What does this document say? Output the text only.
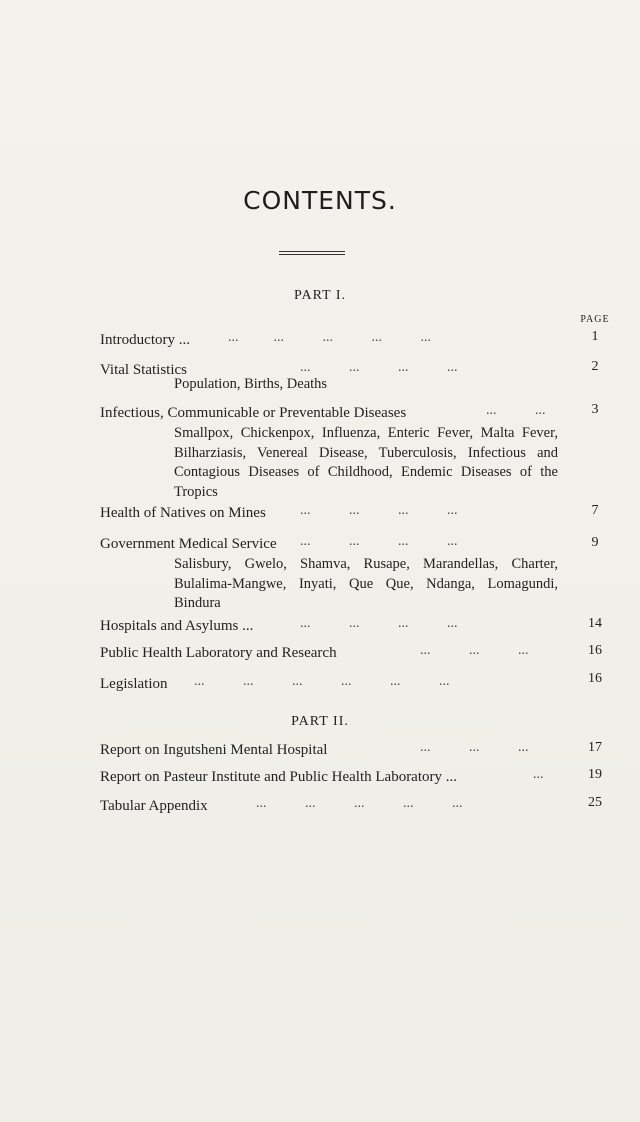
CONTENTS.
PART I.
PAGE
Introductory ...	...	...	...	...	...	1
Vital Statistics	...	...	...	...	2
Population, Births, Deaths
Infectious, Communicable or Preventable Diseases	...	...	3
Smallpox, Chickenpox, Influenza, Enteric Fever, Malta Fever,
Bilharziasis, Venereal Disease, Tuberculosis, Infectious and
Contagious Diseases of Childhood, Endemic Diseases of the
Tropics
Health of Natives on Mines ...	...	...	...	7
Government Medical Service ...	...	...	...	9
Salisbury, Gwelo, Shamva, Rusape, Marandellas, Charter,
Bulalima-Mangwe, Inyati, Que Que, Ndanga, Lomagundi,
Bindura
Hospitals and Asylums ...	...	...	...	...	14
Public Health Laboratory and Research	...	...	...	16
Legislation ...	...	...	...	...	...	16
PART II.
Report on Ingutsheni Mental Hospital	...	...	...	17
Report on Pasteur Institute and Public Health Laboratory ...	...	19
Tabular Appendix	...	...	...	...	...	25
